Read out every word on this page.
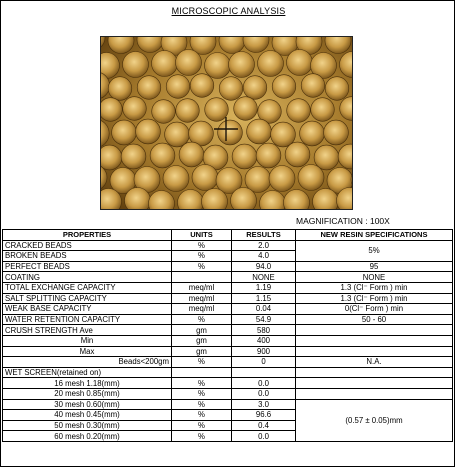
MICROSCOPIC ANALYSIS
MAGNIFICATION : 100X
PROPERTIES	UNITS	RESULTS	NEW RESIN SPECIFICATIONS
CRACKED BEADS	%	2.0	5%
BROKEN BEADS	%	4.0	
PERFECT BEADS	%	94.0	95
COATING		NONE	NONE
TOTAL EXCHANGE CAPACITY	meq/ml	1.19	1.3 (Cl⁻ Form ) min
SALT SPLITTING CAPACITY	meq/ml	1.15	1.3 (Cl⁻ Form ) min
WEAK BASE CAPACITY	meq/ml	0.04	0(Cl⁻ Form ) min
WATER RETENTION CAPACITY	%	54.9	50 - 60
CRUSH STRENGTH Ave	gm	580	
Min	gm	400	
Max	gm	900	
Beads<200gm	%	0	N.A.
WET SCREEN(retained on)			
16 mesh 1.18(mm)	%	0.0	
20 mesh 0.85(mm)	%	0.0	
30 mesh 0.60(mm)	%	3.0	(0.57 ± 0.05)mm
40 mesh 0.45(mm)	%	96.6	
50 mesh 0.30(mm)	%	0.4	
60 mesh 0.20(mm)	%	0.0	
